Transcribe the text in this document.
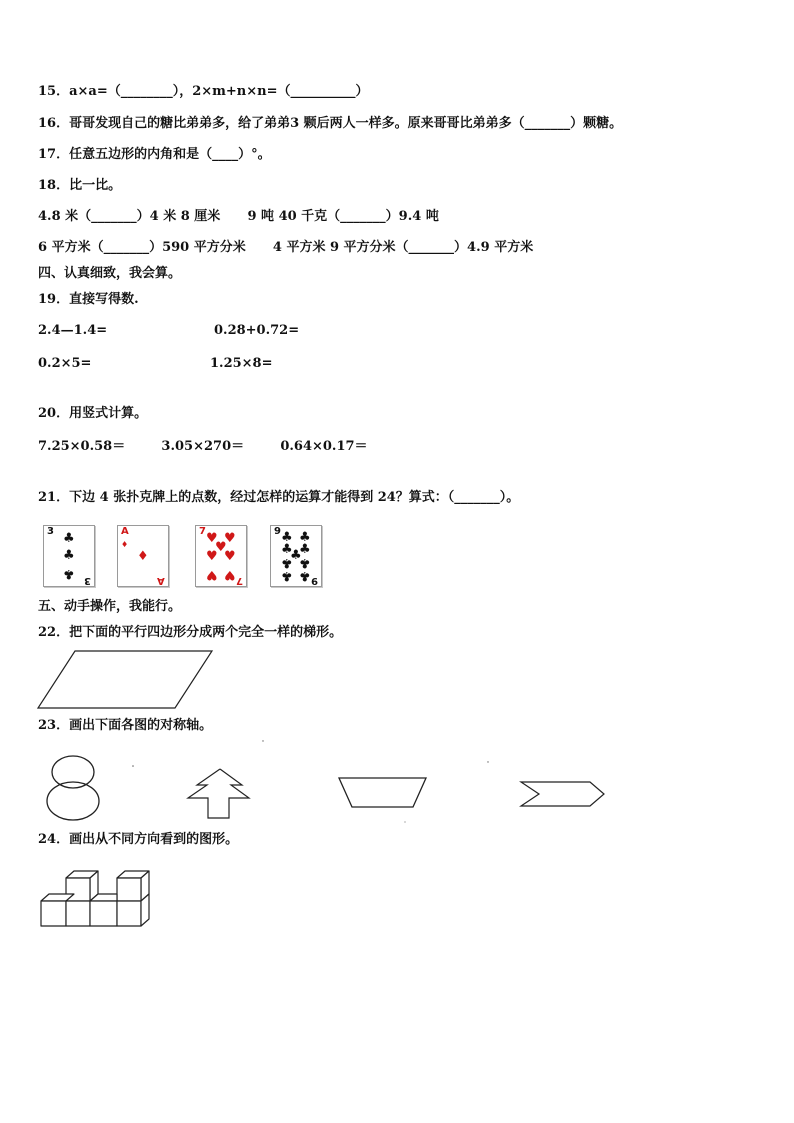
15．a×a=（________），2×m+n×n=（__________）
16．哥哥发现自己的糖比弟弟多，给了弟弟3 颗后两人一样多。原来哥哥比弟弟多（_______）颗糖。
17．任意五边形的内角和是（____）°。
18．比一比。
4.8 米（_______）4 米 8 厘米      9 吨 40 千克（_______）9.4 吨
6 平方米（_______）590 平方分米      4 平方米 9 平方分米（_______）4.9 平方米
四、认真细致，我会算。
19．直接写得数.
2.4—1.4=	0.28+0.72=
0.2×5=	1.25×8=
20．用竖式计算。
7.25×0.58＝        3.05×270＝        0.64×0.17＝
21．下边 4 张扑克牌上的点数，经过怎样的运算才能得到 24？算式：（_______）。
3
3
♣
♣
♣
A
A
♦
♦
7
7
♥ ♥
♥
♥ ♥
♥ ♥
9
9
♣ ♣
♣ ♣
♣
♣ ♣
♣ ♣
五、动手操作，我能行。
22．把下面的平行四边形分成两个完全一样的梯形。
23．画出下面各图的对称轴。
24．画出从不同方向看到的图形。
